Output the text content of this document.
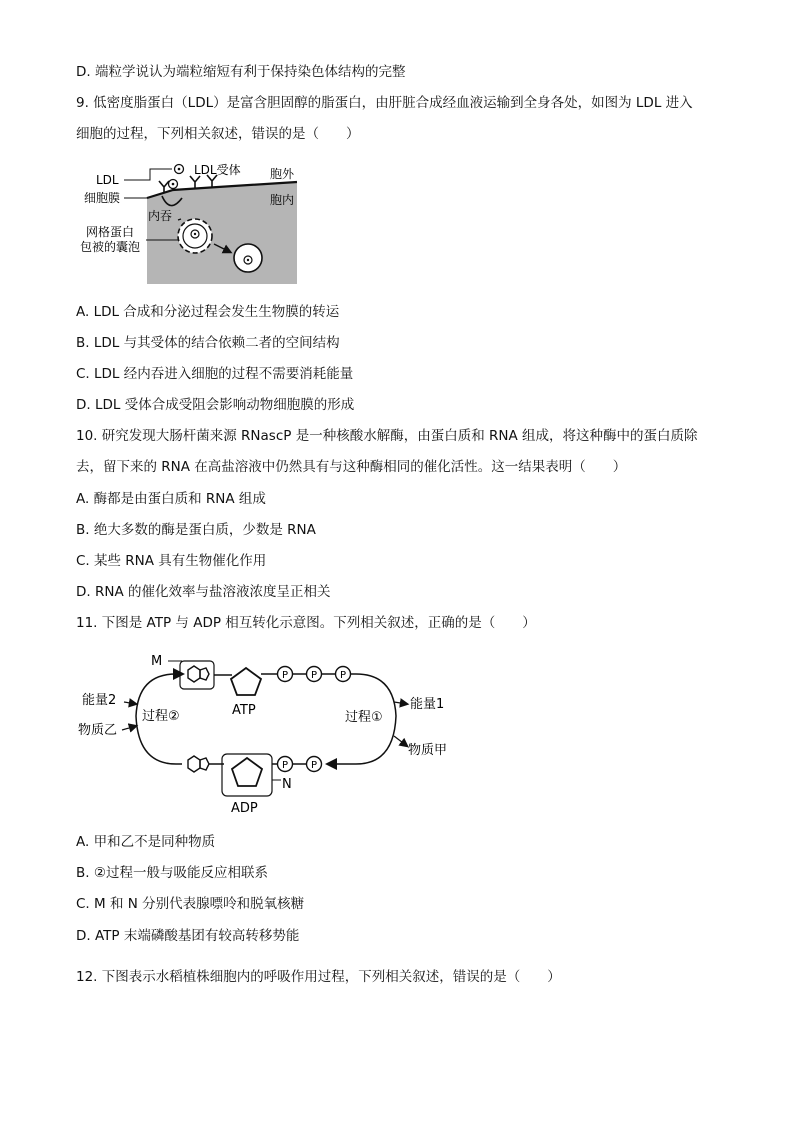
D. 端粒学说认为端粒缩短有利于保持染色体结构的完整
9. 低密度脂蛋白（LDL）是富含胆固醇的脂蛋白，由肝脏合成经血液运输到全身各处，如图为 LDL 进入
细胞的过程，下列相关叙述，错误的是（　　）
LDL
细胞膜
LDL受体 胞外
胞内
内吞
网格蛋白
包被的囊泡
A. LDL 合成和分泌过程会发生生物膜的转运
B. LDL 与其受体的结合依赖二者的空间结构
C. LDL 经内吞进入细胞的过程不需要消耗能量
D. LDL 受体合成受阻会影响动物细胞膜的形成
10. 研究发现大肠杆菌来源 RNascP 是一种核酸水解酶，由蛋白质和 RNA 组成，将这种酶中的蛋白质除
去，留下来的 RNA 在高盐溶液中仍然具有与这种酶相同的催化活性。这一结果表明（　　）
A. 酶都是由蛋白质和 RNA 组成
B. 绝大多数的酶是蛋白质，少数是 RNA
C. 某些 RNA 具有生物催化作用
D. RNA 的催化效率与盐溶液浓度呈正相关
11. 下图是 ATP 与 ADP 相互转化示意图。下列相关叙述，正确的是（　　）
P P P
M
ATP
P P
N
ADP
能量2
物质乙
过程②	过程①
能量1
物质甲
A. 甲和乙不是同种物质
B. ②过程一般与吸能反应相联系
C. M 和 N 分别代表腺嘌呤和脱氧核糖
D. ATP 末端磷酸基团有较高转移势能
12. 下图表示水稻植株细胞内的呼吸作用过程，下列相关叙述，错误的是（　　）
